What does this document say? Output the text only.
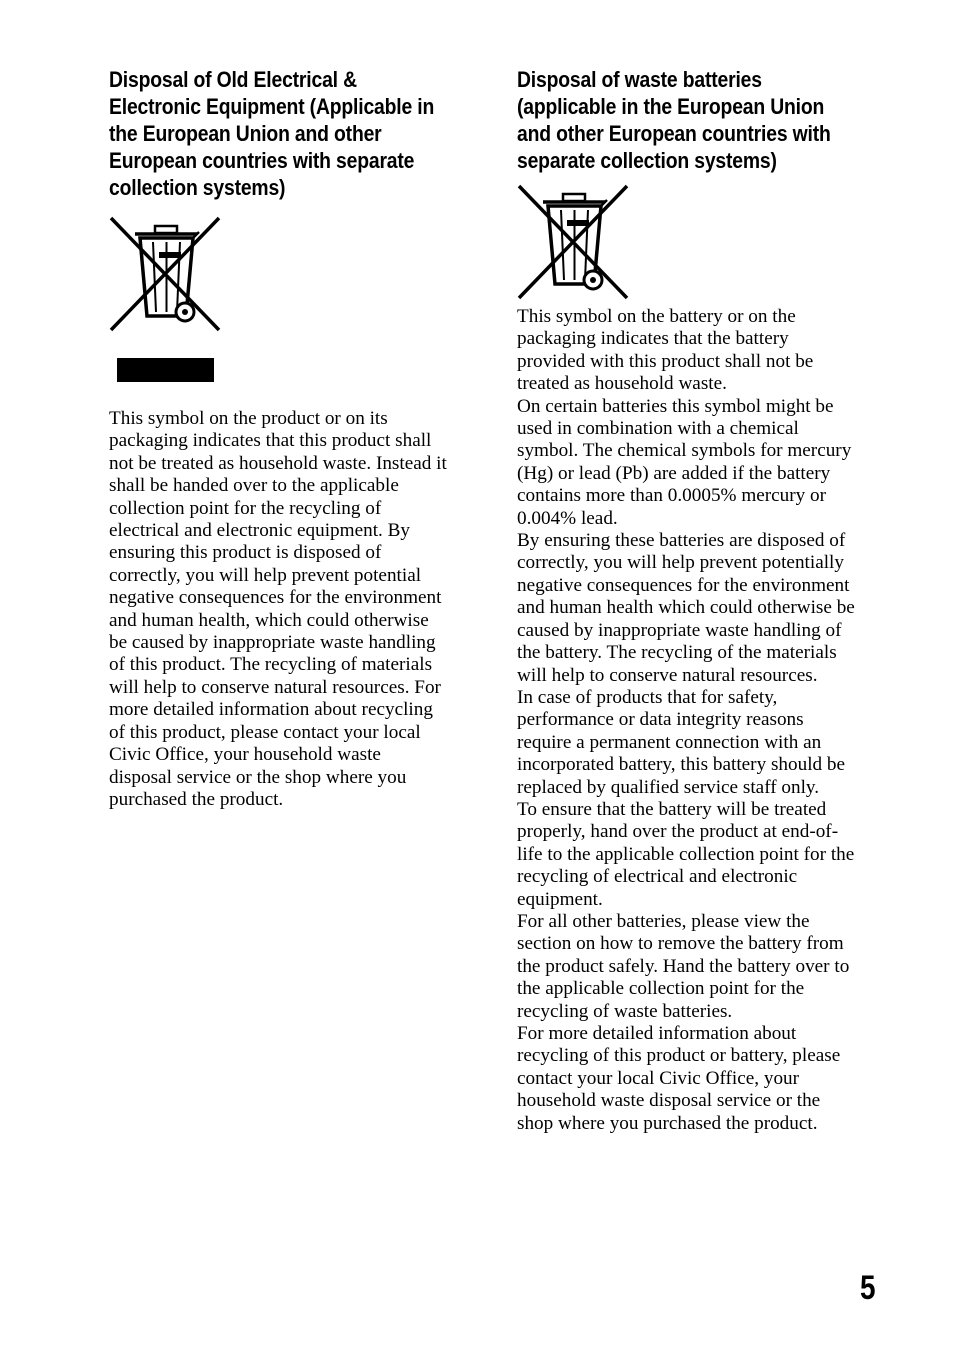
Disposal of Old Electrical &
Electronic Equipment (Applicable in
the European Union and other
European countries with separate
collection systems)

This symbol on the product or on its
packaging indicates that this product shall
not be treated as household waste. Instead it
shall be handed over to the applicable
collection point for the recycling of
electrical and electronic equipment. By
ensuring this product is disposed of
correctly, you will help prevent potential
negative consequences for the environment
and human health, which could otherwise
be caused by inappropriate waste handling
of this product. The recycling of materials
will help to conserve natural resources. For
more detailed information about recycling
of this product, please contact your local
Civic Office, your household waste
disposal service or the shop where you
purchased the product.

Disposal of waste batteries
(applicable in the European Union
and other European countries with
separate collection systems)

This symbol on the battery or on the
packaging indicates that the battery
provided with this product shall not be
treated as household waste.
On certain batteries this symbol might be
used in combination with a chemical
symbol. The chemical symbols for mercury
(Hg) or lead (Pb) are added if the battery
contains more than 0.0005% mercury or
0.004% lead.
By ensuring these batteries are disposed of
correctly, you will help prevent potentially
negative consequences for the environment
and human health which could otherwise be
caused by inappropriate waste handling of
the battery. The recycling of the materials
will help to conserve natural resources.
In case of products that for safety,
performance or data integrity reasons
require a permanent connection with an
incorporated battery, this battery should be
replaced by qualified service staff only.
To ensure that the battery will be treated
properly, hand over the product at end-of-
life to the applicable collection point for the
recycling of electrical and electronic
equipment.
For all other batteries, please view the
section on how to remove the battery from
the product safely. Hand the battery over to
the applicable collection point for the
recycling of waste batteries.
For more detailed information about
recycling of this product or battery, please
contact your local Civic Office, your
household waste disposal service or the
shop where you purchased the product.

5
